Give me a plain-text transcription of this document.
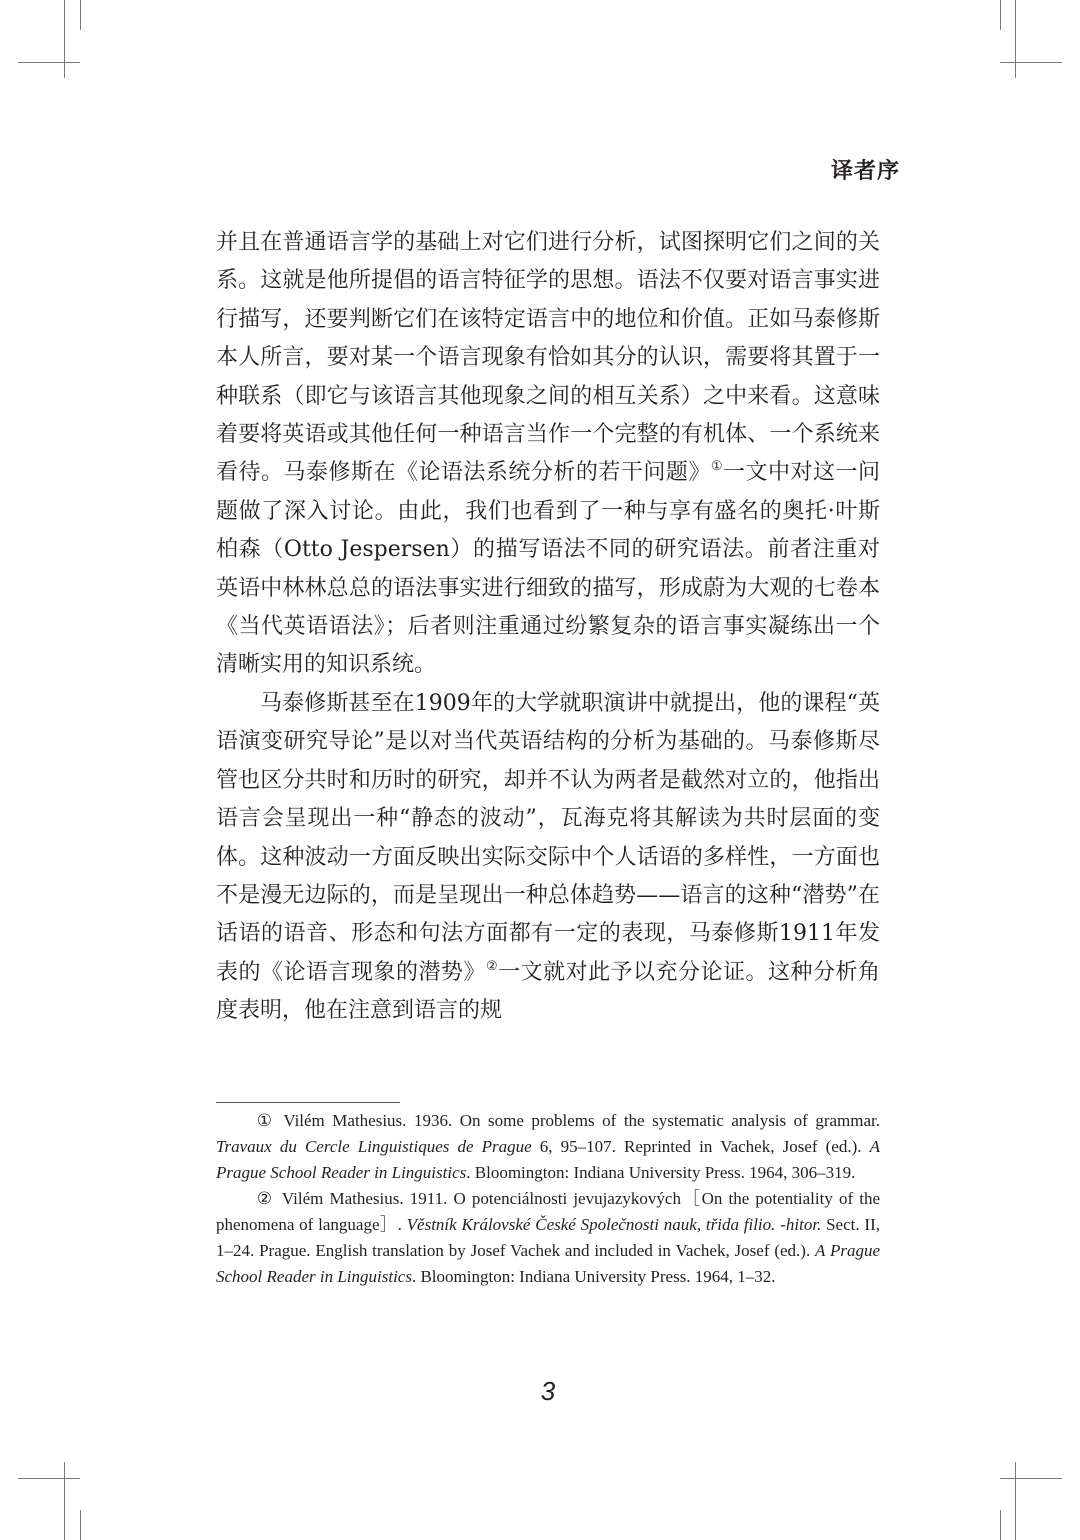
译者序

并且在普通语言学的基础上对它们进行分析，试图探明它们之间的关系。这就是他所提倡的语言特征学的思想。语法不仅要对语言事实进行描写，还要判断它们在该特定语言中的地位和价值。正如马泰修斯本人所言，要对某一个语言现象有恰如其分的认识，需要将其置于一种联系（即它与该语言其他现象之间的相互关系）之中来看。这意味着要将英语或其他任何一种语言当作一个完整的有机体、一个系统来看待。马泰修斯在《论语法系统分析的若干问题》①一文中对这一问题做了深入讨论。由此，我们也看到了一种与享有盛名的奥托·叶斯柏森（Otto Jespersen）的描写语法不同的研究语法。前者注重对英语中林林总总的语法事实进行细致的描写，形成蔚为大观的七卷本《当代英语语法》；后者则注重通过纷繁复杂的语言事实凝练出一个清晰实用的知识系统。

马泰修斯甚至在1909年的大学就职演讲中就提出，他的课程“英语演变研究导论”是以对当代英语结构的分析为基础的。马泰修斯尽管也区分共时和历时的研究，却并不认为两者是截然对立的，他指出语言会呈现出一种“静态的波动”，瓦海克将其解读为共时层面的变体。这种波动一方面反映出实际交际中个人话语的多样性，一方面也不是漫无边际的，而是呈现出一种总体趋势——语言的这种“潜势”在话语的语音、形态和句法方面都有一定的表现，马泰修斯1911年发表的《论语言现象的潜势》②一文就对此予以充分论证。这种分析角度表明，他在注意到语言的规

① Vilém Mathesius. 1936. On some problems of the systematic analysis of grammar. Travaux du Cercle Linguistiques de Prague 6, 95–107. Reprinted in Vachek, Josef (ed.). A Prague School Reader in Linguistics. Bloomington: Indiana University Press. 1964, 306–319.

② Vilém Mathesius. 1911. O potenciálnosti jevujazykových［On the potentiality of the phenomena of language］. Věstník Královské České Společnosti nauk, třida filio. -hitor. Sect. II, 1–24. Prague. English translation by Josef Vachek and included in Vachek, Josef (ed.). A Prague School Reader in Linguistics. Bloomington: Indiana University Press. 1964, 1–32.

3
